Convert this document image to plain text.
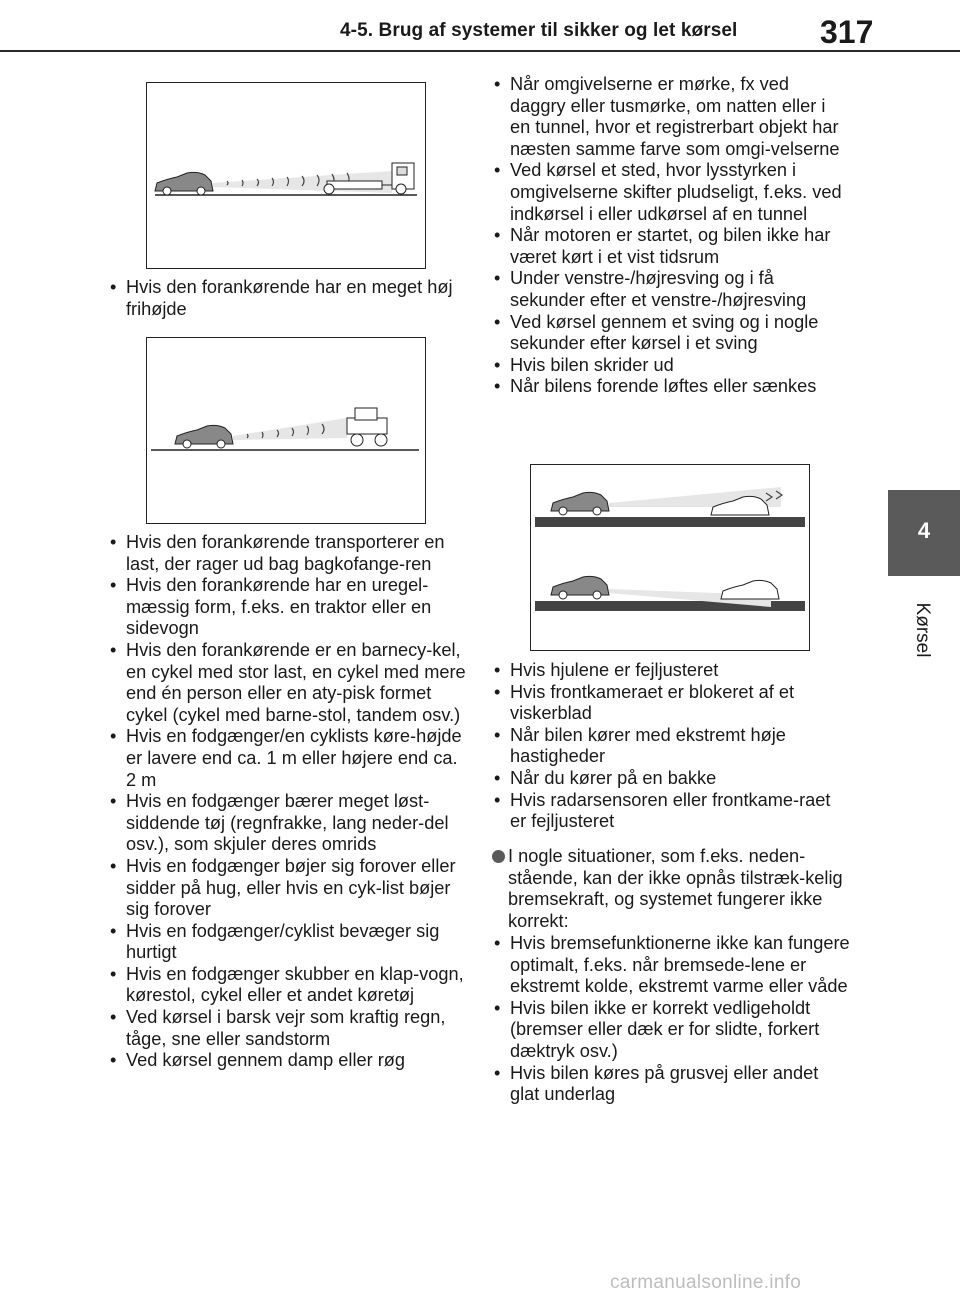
4-5. Brug af systemer til sikker og let kørsel	317
4
Kørsel
• Hvis den forankørende har en meget høj frihøjde
• Hvis den forankørende transporterer en last, der rager ud bag bagkofange-ren
• Hvis den forankørende har en uregel-mæssig form, f.eks. en traktor eller en sidevogn
• Hvis den forankørende er en barnecy-kel, en cykel med stor last, en cykel med mere end én person eller en aty-pisk formet cykel (cykel med barne-stol, tandem osv.)
• Hvis en fodgænger/en cyklists køre-højde er lavere end ca. 1 m eller højere end ca. 2 m
• Hvis en fodgænger bærer meget løst-siddende tøj (regnfrakke, lang neder-del osv.), som skjuler deres omrids
• Hvis en fodgænger bøjer sig forover eller sidder på hug, eller hvis en cyk-list bøjer sig forover
• Hvis en fodgænger/cyklist bevæger sig hurtigt
• Hvis en fodgænger skubber en klap-vogn, kørestol, cykel eller et andet køretøj
• Ved kørsel i barsk vejr som kraftig regn, tåge, sne eller sandstorm
• Ved kørsel gennem damp eller røg
• Når omgivelserne er mørke, fx ved daggry eller tusmørke, om natten eller i en tunnel, hvor et registrerbart objekt har næsten samme farve som omgi-velserne
• Ved kørsel et sted, hvor lysstyrken i omgivelserne skifter pludseligt, f.eks. ved indkørsel i eller udkørsel af en tunnel
• Når motoren er startet, og bilen ikke har været kørt i et vist tidsrum
• Under venstre-/højresving og i få sekunder efter et venstre-/højresving
• Ved kørsel gennem et sving og i nogle sekunder efter kørsel i et sving
• Hvis bilen skrider ud
• Når bilens forende løftes eller sænkes
• Hvis hjulene er fejljusteret
• Hvis frontkameraet er blokeret af et viskerblad
• Når bilen kører med ekstremt høje hastigheder
• Når du kører på en bakke
• Hvis radarsensoren eller frontkame-raet er fejljusteret
I nogle situationer, som f.eks. neden-stående, kan der ikke opnås tilstræk-kelig bremsekraft, og systemet fungerer ikke korrekt:
• Hvis bremsefunktionerne ikke kan fungere optimalt, f.eks. når bremsede-lene er ekstremt kolde, ekstremt varme eller våde
• Hvis bilen ikke er korrekt vedligeholdt (bremser eller dæk er for slidte, forkert dæktryk osv.)
• Hvis bilen køres på grusvej eller andet glat underlag
carmanualsonline.info
